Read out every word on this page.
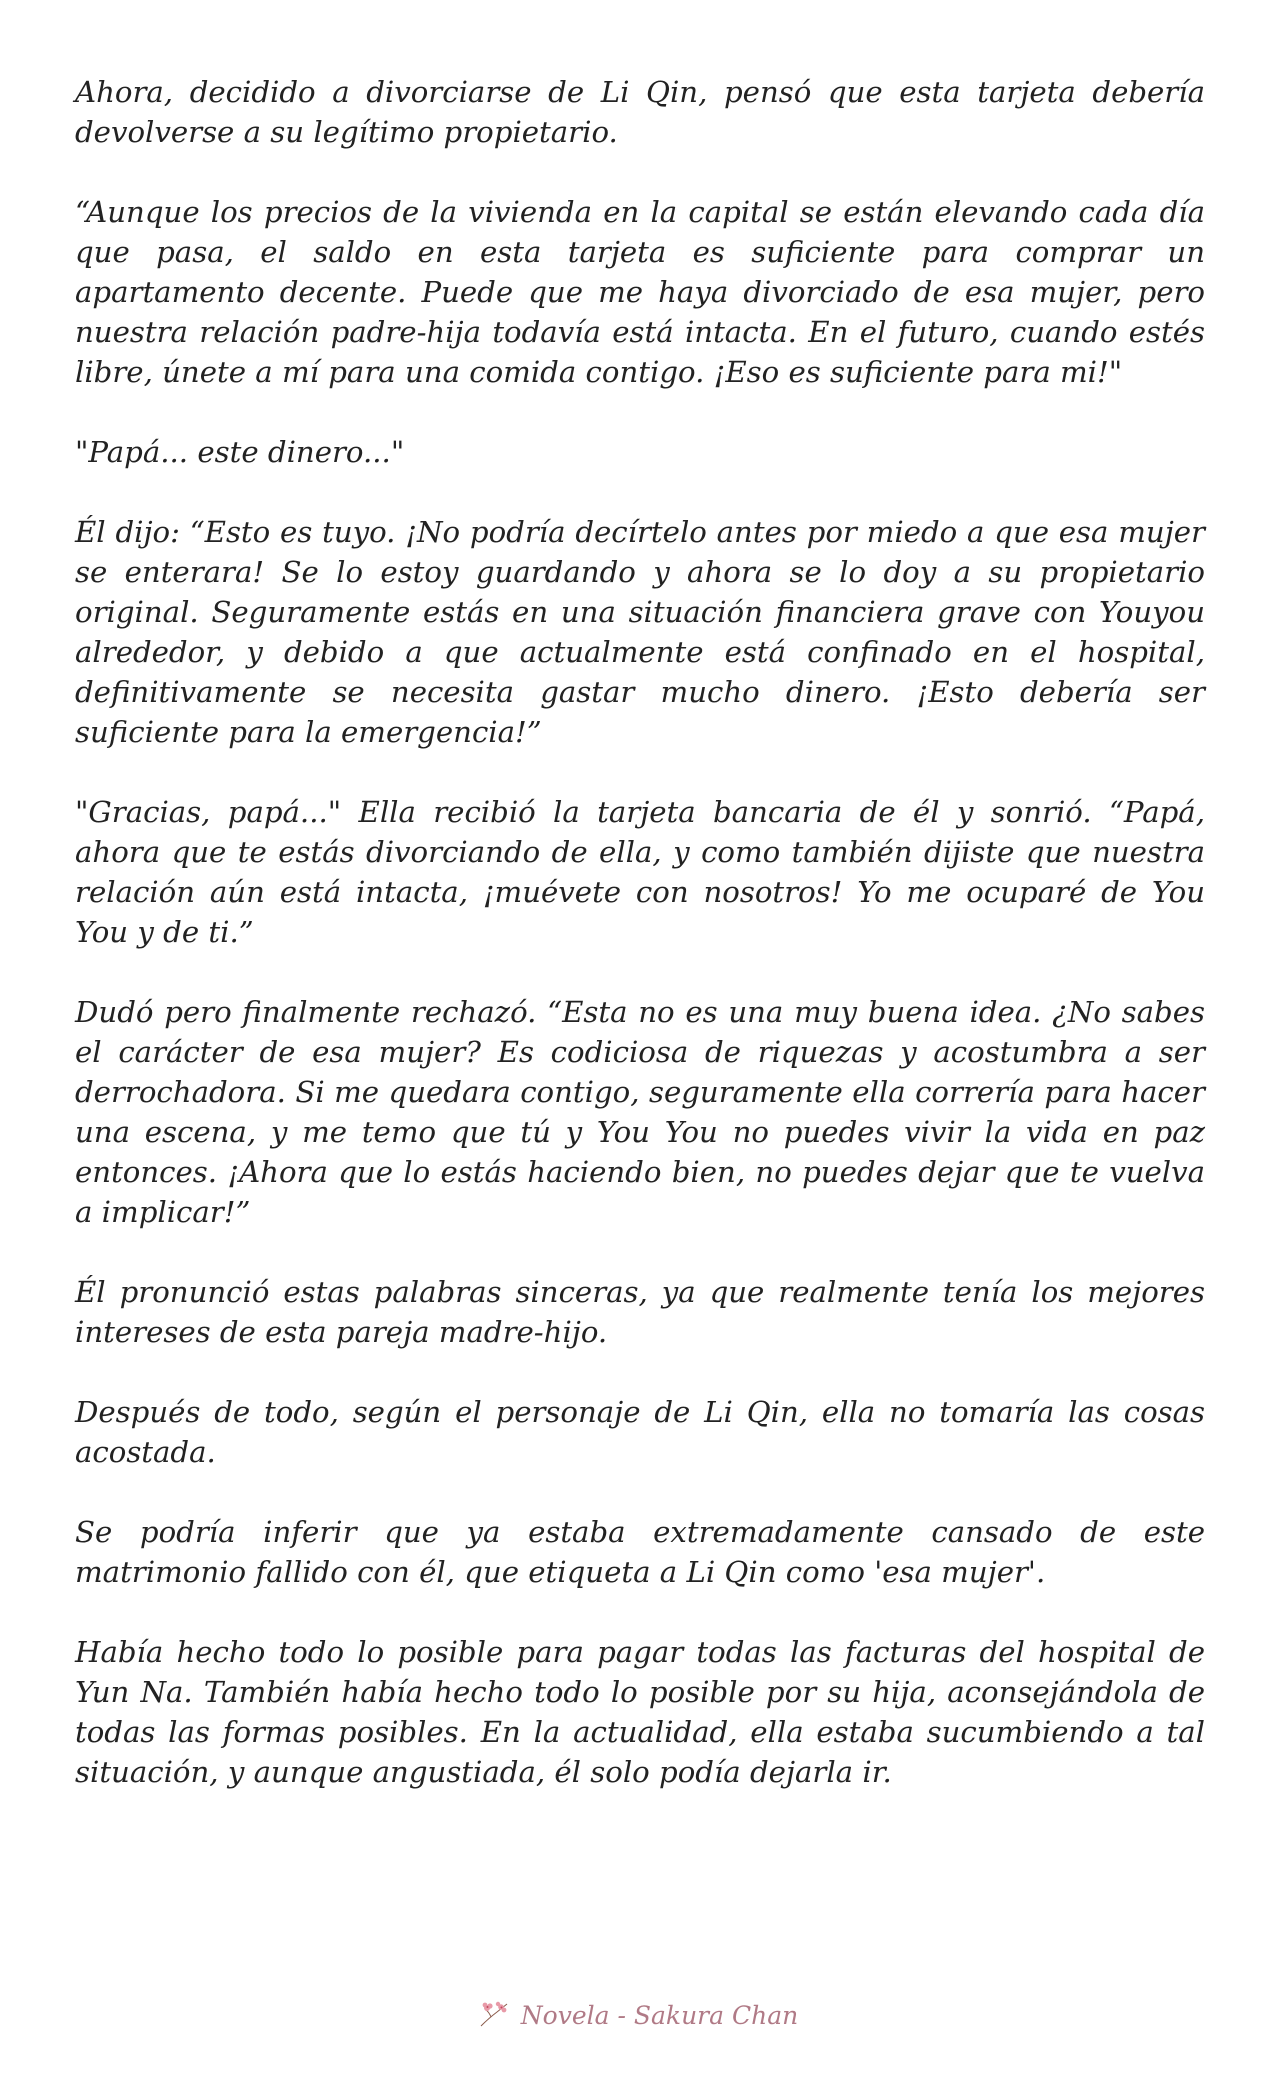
Ahora, decidido a divorciarse de Li Qin, pensó que esta tarjeta debería devolverse a su legítimo propietario.

“Aunque los precios de la vivienda en la capital se están elevando cada día que pasa, el saldo en esta tarjeta es suficiente para comprar un apartamento decente. Puede que me haya divorciado de esa mujer, pero nuestra relación padre-hija todavía está intacta. En el futuro, cuando estés libre, únete a mí para una comida contigo. ¡Eso es suficiente para mi!"

"Papá... este dinero..."

Él dijo: “Esto es tuyo. ¡No podría decírtelo antes por miedo a que esa mujer se enterara! Se lo estoy guardando y ahora se lo doy a su propietario original. Seguramente estás en una situación financiera grave con Youyou alrededor, y debido a que actualmente está confinado en el hospital, definitivamente se necesita gastar mucho dinero. ¡Esto debería ser suficiente para la emergencia!”

"Gracias, papá..." Ella recibió la tarjeta bancaria de él y sonrió. “Papá, ahora que te estás divorciando de ella, y como también dijiste que nuestra relación aún está intacta, ¡muévete con nosotros! Yo me ocuparé de You You y de ti.”

Dudó pero finalmente rechazó. “Esta no es una muy buena idea. ¿No sabes el carácter de esa mujer? Es codiciosa de riquezas y acostumbra a ser derrochadora. Si me quedara contigo, seguramente ella correría para hacer una escena, y me temo que tú y You You no puedes vivir la vida en paz entonces. ¡Ahora que lo estás haciendo bien, no puedes dejar que te vuelva a implicar!”

Él pronunció estas palabras sinceras, ya que realmente tenía los mejores intereses de esta pareja madre-hijo.

Después de todo, según el personaje de Li Qin, ella no tomaría las cosas acostada.

Se podría inferir que ya estaba extremadamente cansado de este matrimonio fallido con él, que etiqueta a Li Qin como 'esa mujer'.

Había hecho todo lo posible para pagar todas las facturas del hospital de Yun Na. También había hecho todo lo posible por su hija, aconsejándola de todas las formas posibles. En la actualidad, ella estaba sucumbiendo a tal situación, y aunque angustiada, él solo podía dejarla ir.

Novela - Sakura Chan
